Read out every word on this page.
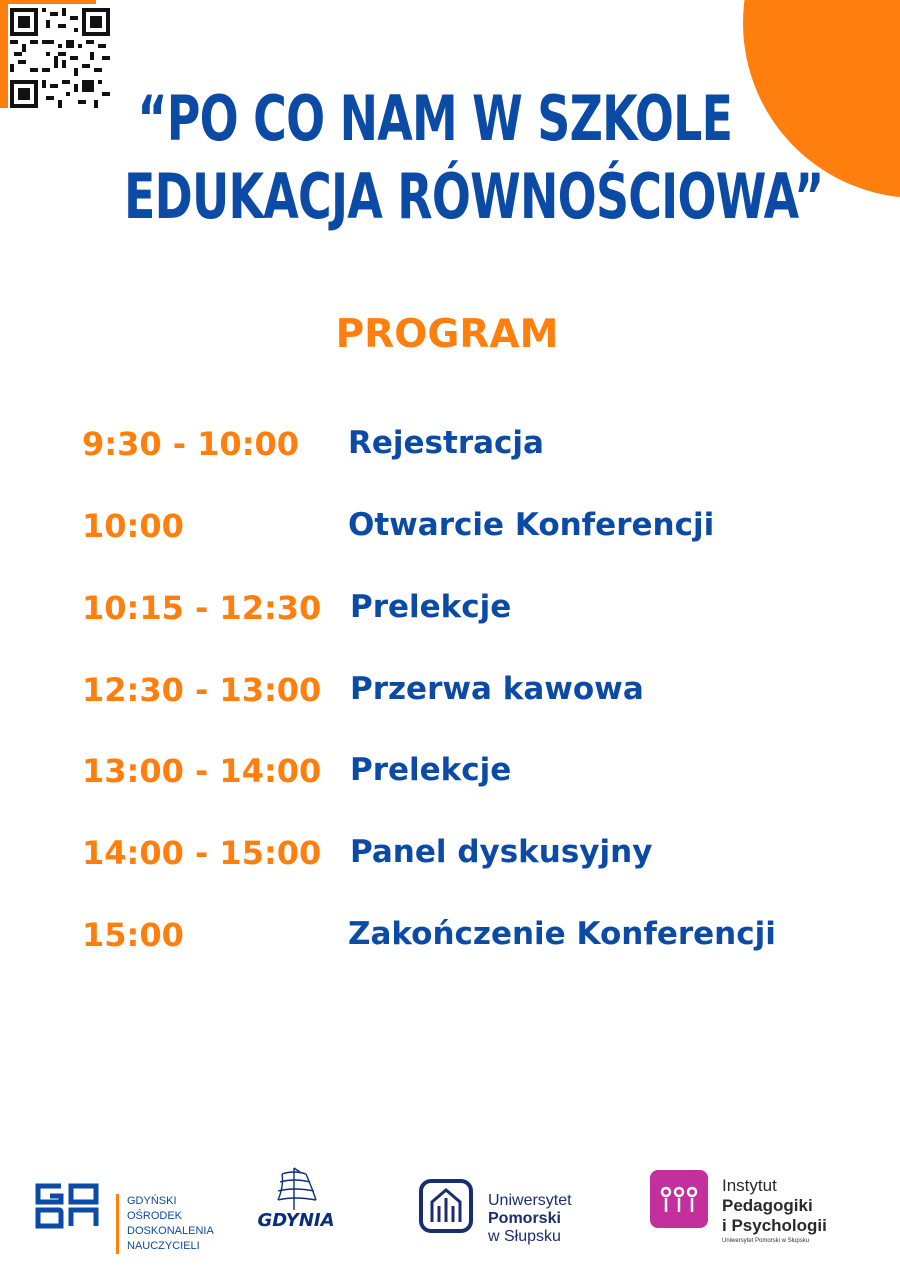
“PO CO NAM W SZKOLE
EDUKACJA RÓWNOŚCIOWA”
PROGRAM
9:30 - 10:00 Rejestracja
10:00	Otwarcie Konferencji
10:15 - 12:30 Prelekcje
12:30 - 13:00 Przerwa kawowa
13:00 - 14:00 Prelekcje
14:00 - 15:00 Panel dyskusyjny
15:00	Zakończenie Konferencji
GDYŃSKI
OŚRODEK
DOSKONALENIA
NAUCZYCIELI
GDYNIA
Uniwersytet
Pomorski
w Słupsku
Instytut
Pedagogiki
i Psychologii
Uniwersytet Pomorski w Słupsku
